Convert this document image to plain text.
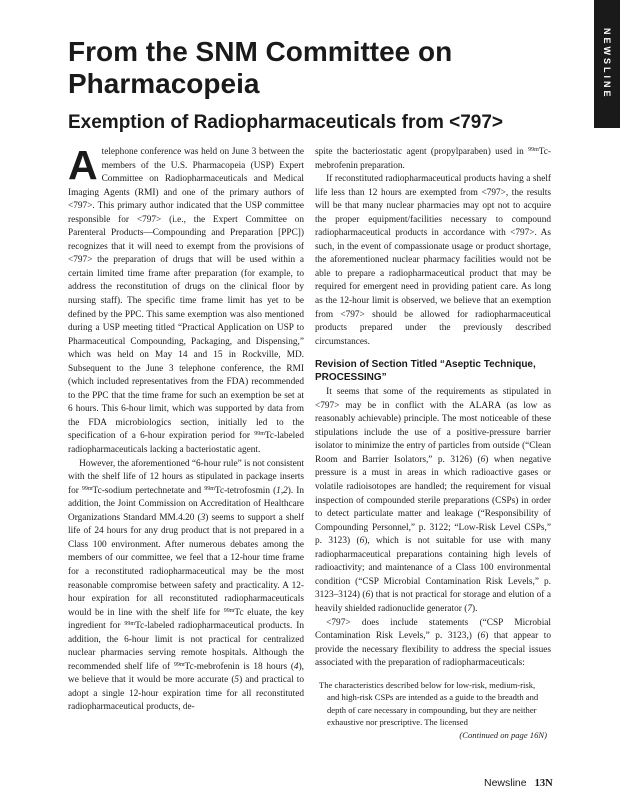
NEWSLINE
From the SNM Committee on Pharmacopeia
Exemption of Radiopharmaceuticals from <797>

Atelephone conference was held on June 3 between the members of the U.S. Pharmacopeia (USP) Expert Committee on Radiopharmaceuticals and Medical Imaging Agents (RMI) and one of the primary authors of <797>. This primary author indicated that the USP committee responsible for <797> (i.e., the Expert Committee on Parenteral Products—Compounding and Preparation [PPC]) recognizes that it will need to exempt from the provisions of <797> the preparation of drugs that will be used within a certain limited time frame after preparation (for example, to address the reconstitution of drugs on the clinical floor by nursing staff). The specific time frame limit has yet to be defined by the PPC. This same exemption was also mentioned during a USP meeting titled “Practical Application on USP to Pharmaceutical Compounding, Packaging, and Dispensing,” which was held on May 14 and 15 in Rockville, MD. Subsequent to the June 3 telephone conference, the RMI (which included representatives from the FDA) recommended to the PPC that the time frame for such an exemption be set at 6 hours. This 6-hour limit, which was supported by data from the FDA microbiologics section, initially led to the specification of a 6-hour expiration period for $^{99m}$Tc-labeled radiopharmaceuticals lacking a bacteriostatic agent.

However, the aforementioned “6-hour rule” is not consistent with the shelf life of 12 hours as stipulated in package inserts for $^{99m}$Tc-sodium pertechnetate and $^{99m}$Tc-tetrofosmin (1,2). In addition, the Joint Commission on Accreditation of Healthcare Organizations Standard MM.4.20 (3) seems to support a shelf life of 24 hours for any drug product that is not prepared in a Class 100 environment. After numerous debates among the members of our committee, we feel that a 12-hour time frame for a reconstituted radiopharmaceutical may be the most reasonable compromise between safety and practicality. A 12-hour expiration for all reconstituted radiopharmaceuticals would be in line with the shelf life for $^{99m}$Tc eluate, the key ingredient for $^{99m}$Tc-labeled radiopharmaceutical products. In addition, the 6-hour limit is not practical for centralized nuclear pharmacies serving remote hospitals. Although the recommended shelf life of $^{99m}$Tc-mebrofenin is 18 hours (4), we believe that it would be more accurate (5) and practical to adopt a single 12-hour expiration time for all reconstituted radiopharmaceutical products, de-

spite the bacteriostatic agent (propylparaben) used in $^{99m}$Tc-mebrofenin preparation.

If reconstituted radiopharmaceutical products having a shelf life less than 12 hours are exempted from <797>, the results will be that many nuclear pharmacies may opt not to acquire the proper equipment/facilities necessary to compound radiopharmaceutical products in accordance with <797>. As such, in the event of compassionate usage or product shortage, the aforementioned nuclear pharmacy facilities would not be able to prepare a radiopharmaceutical product that may be required for emergent need in providing patient care. As long as the 12-hour limit is observed, we believe that an exemption from <797> should be allowed for radiopharmaceutical products prepared under the previously described circumstances.

Revision of Section Titled “Aseptic Technique, PROCESSING”

It seems that some of the requirements as stipulated in <797> may be in conflict with the ALARA (as low as reasonably achievable) principle. The most noticeable of these stipulations include the use of a positive-pressure barrier isolator to minimize the entry of particles from outside (“Clean Room and Barrier Isolators,” p. 3126) (6) when negative pressure is a must in areas in which radioactive gases or volatile radioisotopes are handled; the requirement for visual inspection of compounded sterile preparations (CSPs) in order to detect particulate matter and leakage (“Responsibility of Compounding Personnel,” p. 3122; “Low-Risk Level CSPs,” p. 3123) (6), which is not suitable for use with many radiopharmaceutical preparations containing high levels of radioactivity; and maintenance of a Class 100 environmental condition (“CSP Microbial Contamination Risk Levels,” p. 3123–3124) (6) that is not practical for storage and elution of a heavily shielded radionuclide generator (7).

<797> does include statements (“CSP Microbial Contamination Risk Levels,” p. 3123,) (6) that appear to provide the necessary flexibility to address the special issues associated with the preparation of radiopharmaceuticals:

The characteristics described below for low-risk, medium-risk, and high-risk CSPs are intended as a guide to the breadth and depth of care necessary in compounding, but they are neither exhaustive nor prescriptive. The licensed
(Continued on page 16N)
Newsline 13N
